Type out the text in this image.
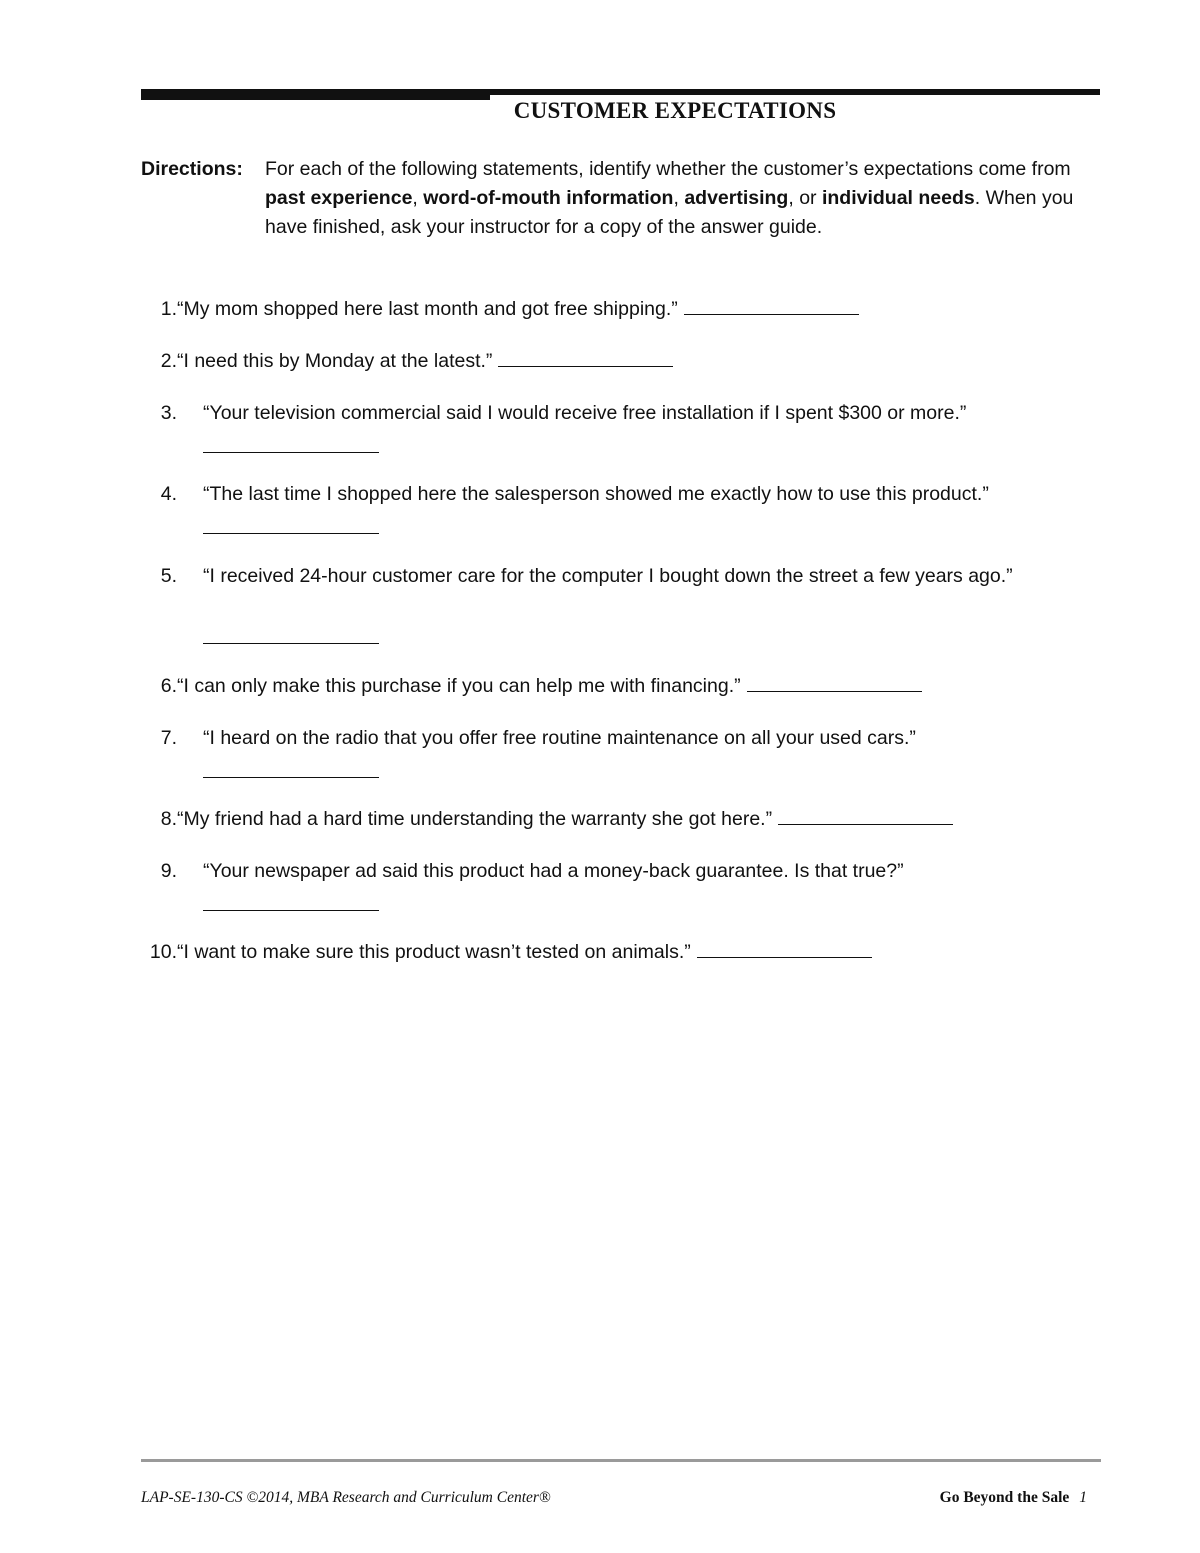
CUSTOMER EXPECTATIONS
Directions: For each of the following statements, identify whether the customer’s expectations come from past experience, word-of-mouth information, advertising, or individual needs. When you have finished, ask your instructor for a copy of the answer guide.
1.“My mom shopped here last month and got free shipping.”
2.“I need this by Monday at the latest.”
3. “Your television commercial said I would receive free installation if I spent $300 or more.”
4. “The last time I shopped here the salesperson showed me exactly how to use this product.”
5. “I received 24-hour customer care for the computer I bought down the street a few years ago.”
6.“I can only make this purchase if you can help me with financing.”
7. “I heard on the radio that you offer free routine maintenance on all your used cars.”
8.“My friend had a hard time understanding the warranty she got here.”
9. “Your newspaper ad said this product had a money-back guarantee. Is that true?”
10.“I want to make sure this product wasn’t tested on animals.”
LAP-SE-130-CS ©2014, MBA Research and Curriculum Center®	Go Beyond the Sale 1
